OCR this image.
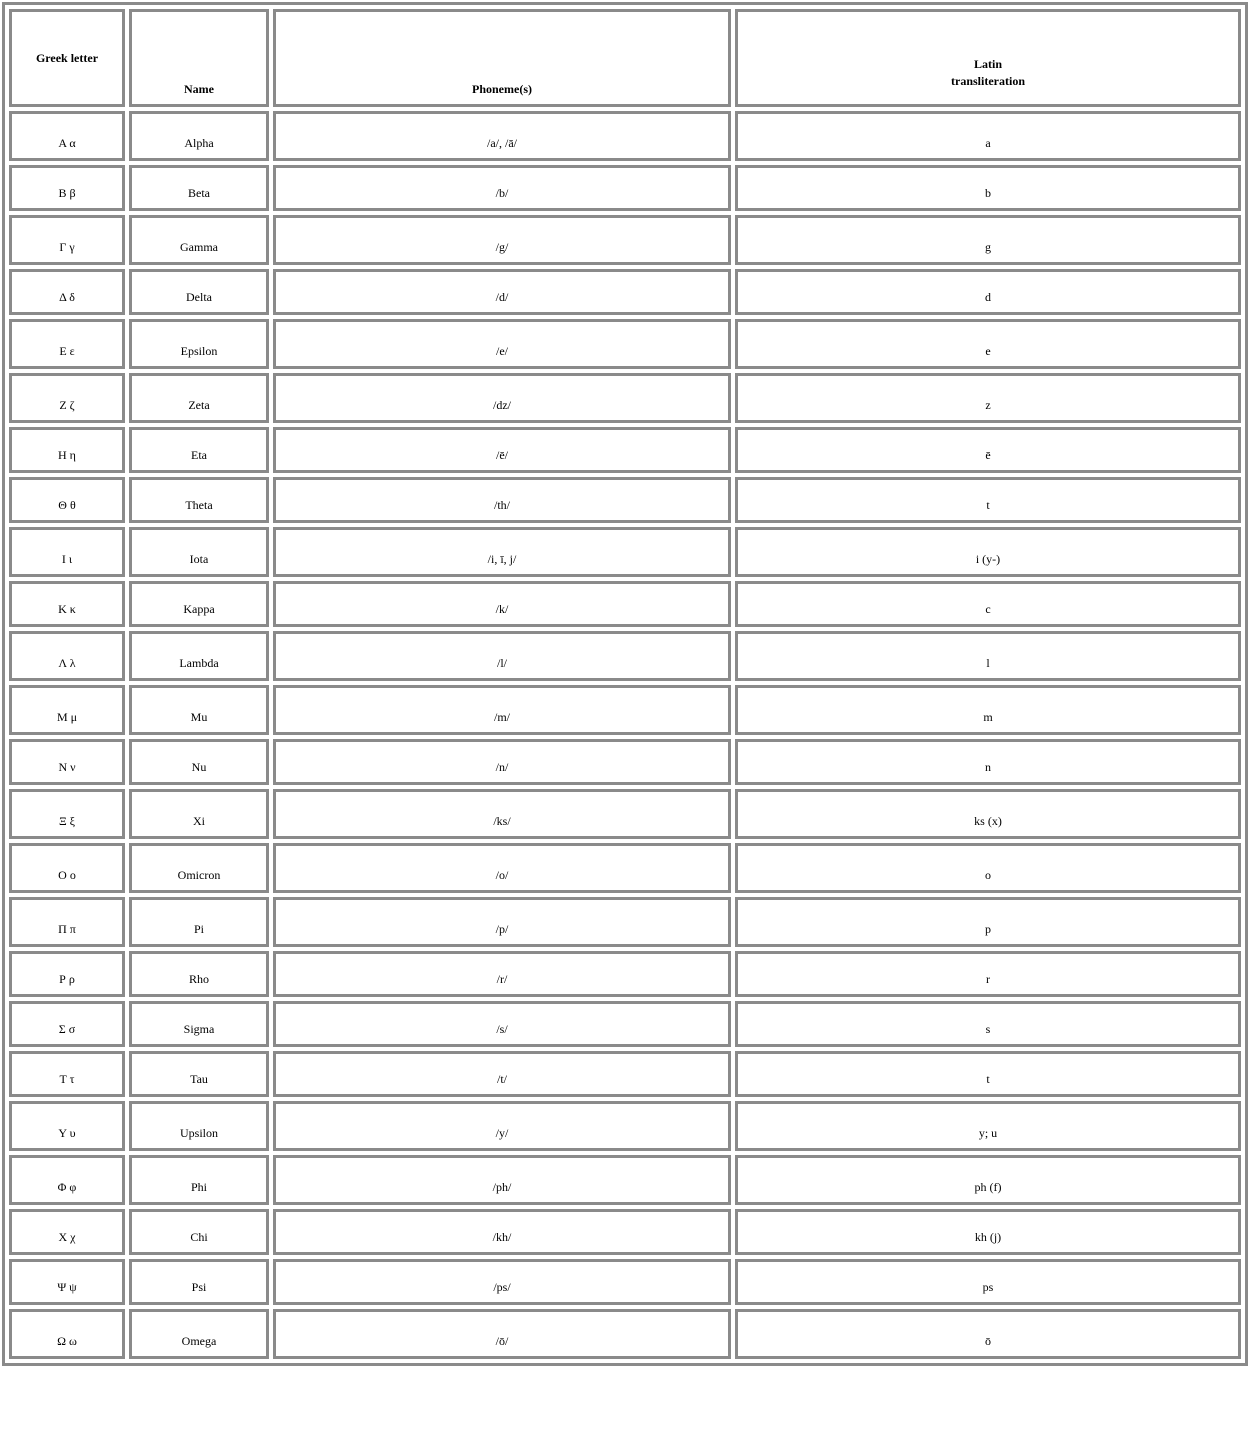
Greek letter	Name	Phoneme(s)	Latin
transliteration

Α α	Alpha	/a/, /ā/	a
Β β	Beta	/b/	b
Γ γ	Gamma	/g/	g
Δ δ	Delta	/d/	d
Ε ε	Epsilon	/e/	e
Ζ ζ	Zeta	/dz/	z
Η η	Eta	/ē/	ē
Θ θ	Theta	/th/	t
Ι ι	Iota	/i, ī, j/	i (y-)
Κ κ	Kappa	/k/	c
Λ λ	Lambda	/l/	l
Μ μ	Mu	/m/	m
Ν ν	Nu	/n/	n
Ξ ξ	Xi	/ks/	ks (x)
Ο ο	Omicron	/o/	o
Π π	Pi	/p/	p
Ρ ρ	Rho	/r/	r
Σ σ	Sigma	/s/	s
Τ τ	Tau	/t/	t
Υ υ	Upsilon	/y/	y; u
Φ φ	Phi	/ph/	ph (f)
Χ χ	Chi	/kh/	kh (j)
Ψ ψ	Psi	/ps/	ps
Ω ω	Omega	/ō/	ō
